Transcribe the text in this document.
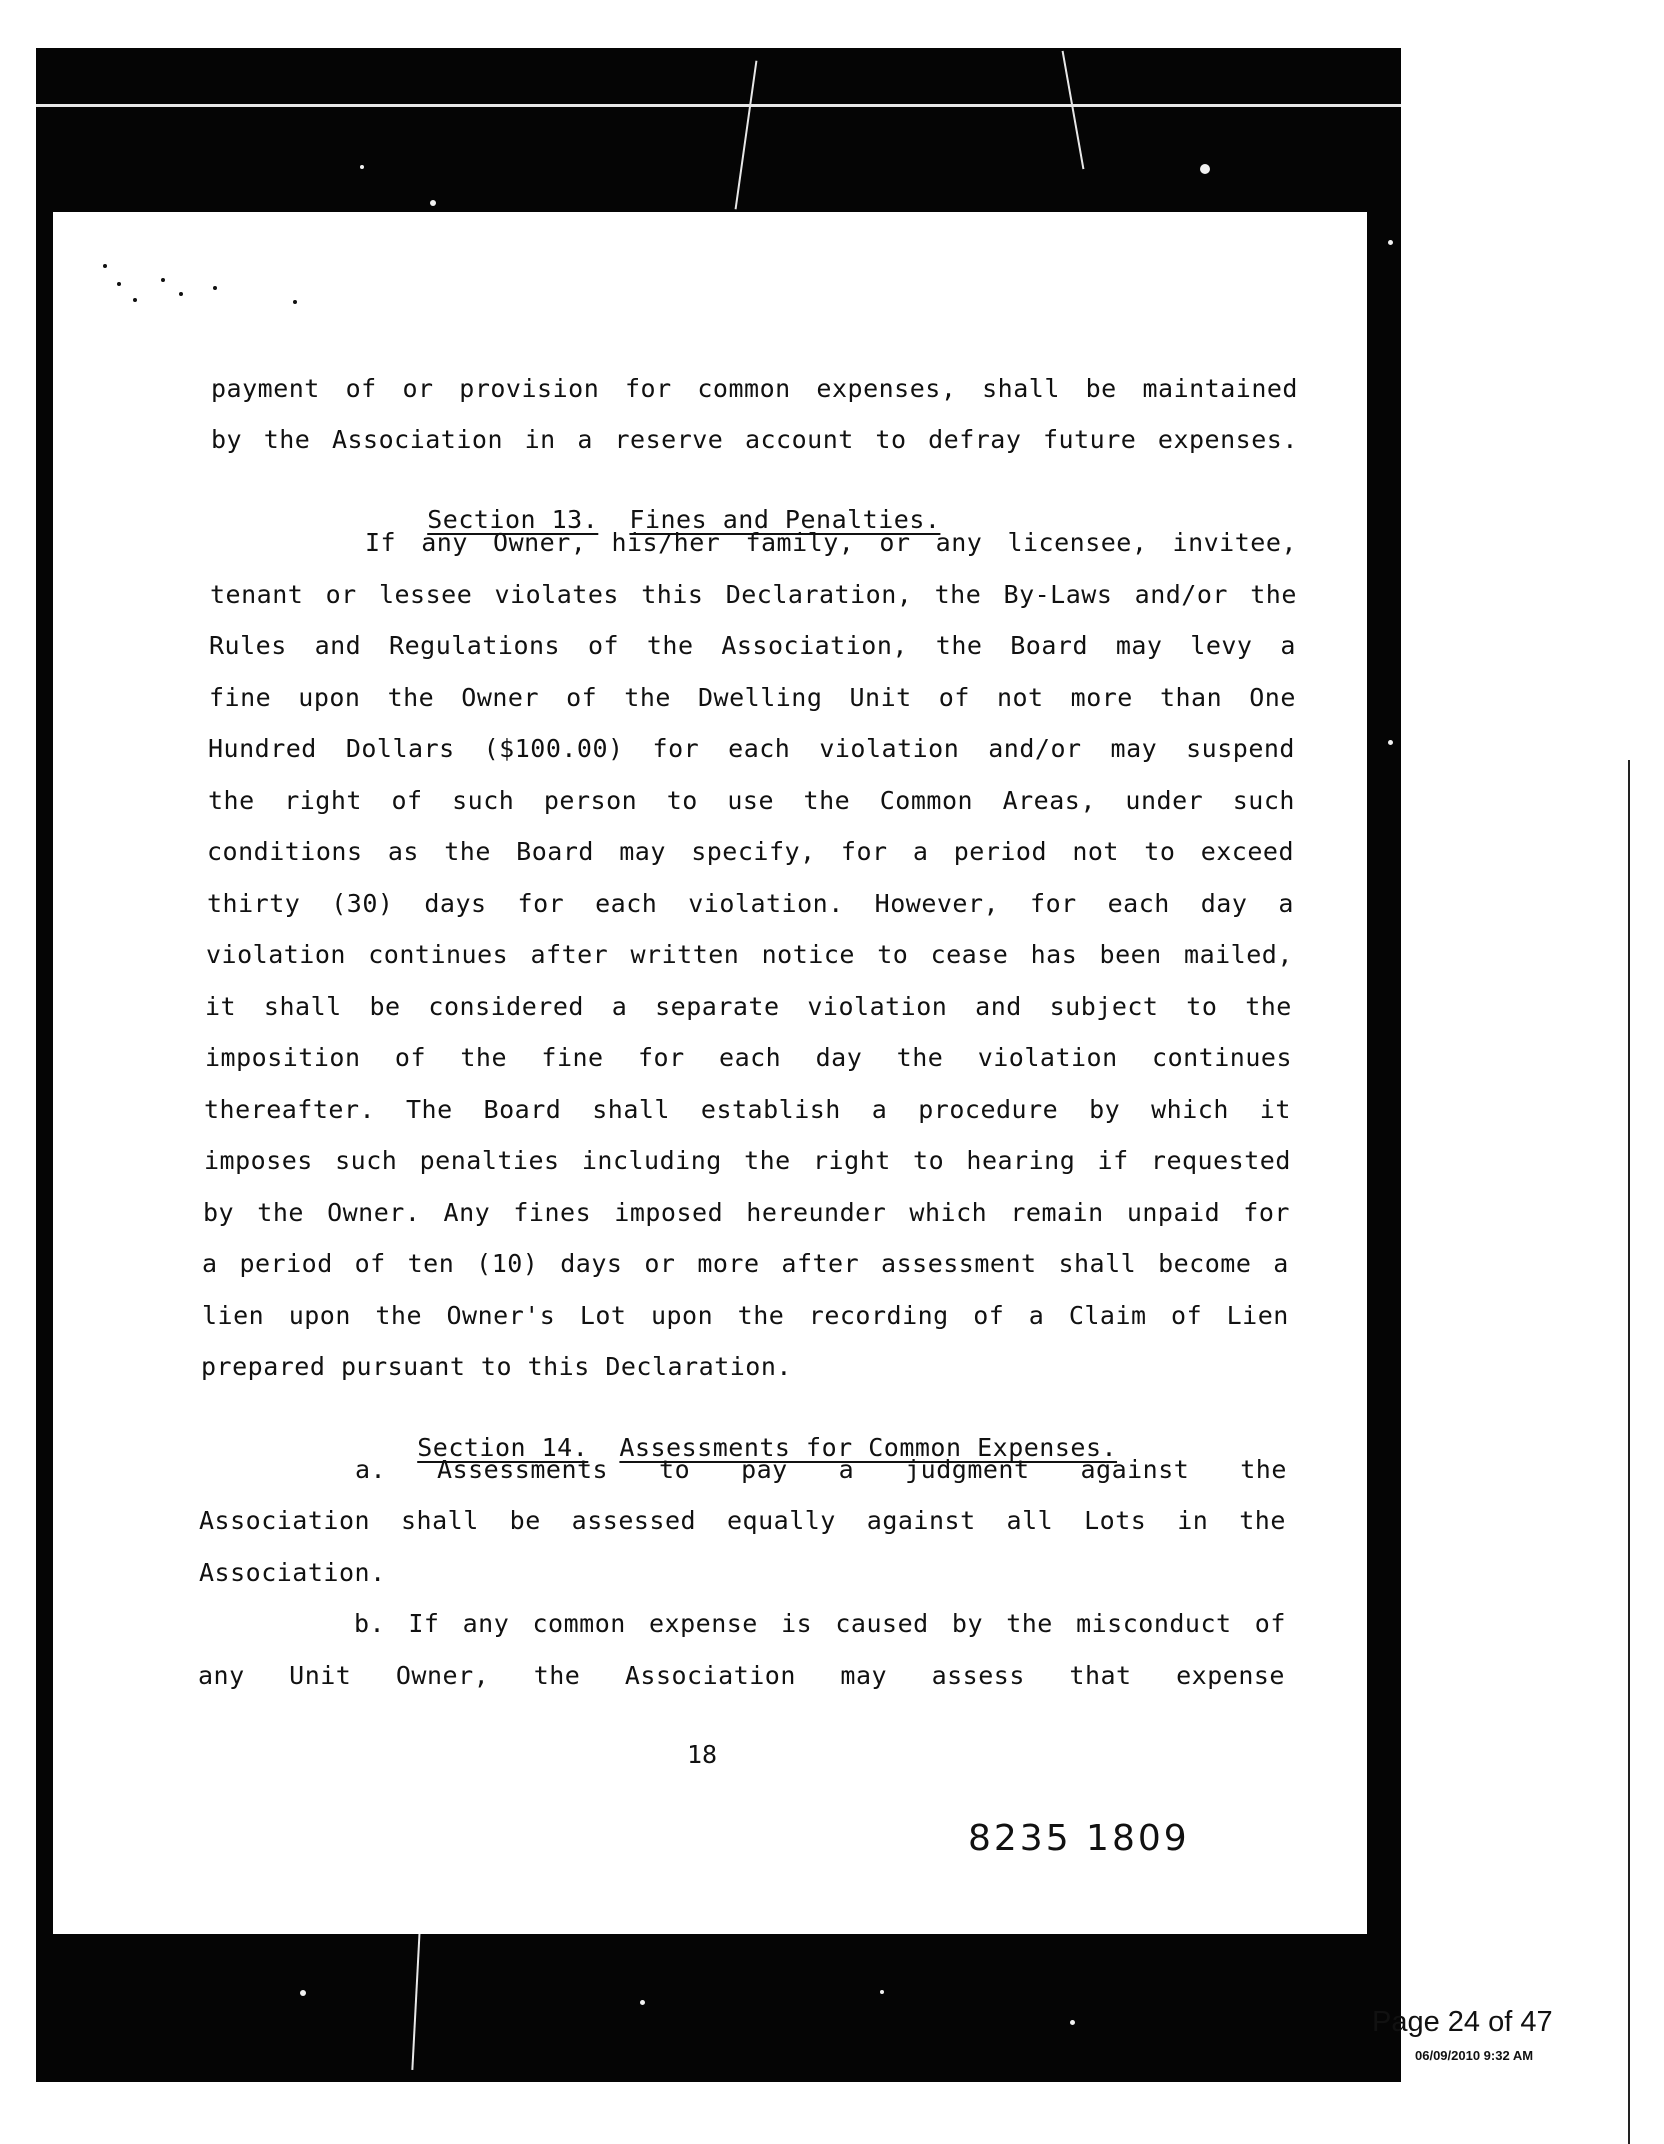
payment of or provision for common expenses, shall be maintained
by the Association in a reserve account to defray future expenses.

Section 13. Fines and Penalties.

If any Owner, his/her family, or any licensee, invitee,
tenant or lessee violates this Declaration, the By-Laws and/or the
Rules and Regulations of the Association, the Board may levy a
fine upon the Owner of the Dwelling Unit of not more than One
Hundred Dollars ($100.00) for each violation and/or may suspend
the right of such person to use the Common Areas, under such
conditions as the Board may specify, for a period not to exceed
thirty (30) days for each violation. However, for each day a
violation continues after written notice to cease has been mailed,
it shall be considered a separate violation and subject to the
imposition of the fine for each day the violation continues
thereafter. The Board shall establish a procedure by which it
imposes such penalties including the right to hearing if requested
by the Owner. Any fines imposed hereunder which remain unpaid for
a period of ten (10) days or more after assessment shall become a
lien upon the Owner's Lot upon the recording of a Claim of Lien
prepared pursuant to this Declaration.

Section 14. Assessments for Common Expenses.

a. Assessments to pay a judgment against the
Association shall be assessed equally against all Lots in the
Association.
b. If any common expense is caused by the misconduct of
any Unit Owner, the Association may assess that expense
18
8235 1809
Page 24 of 47
06/09/2010 9:32 AM
